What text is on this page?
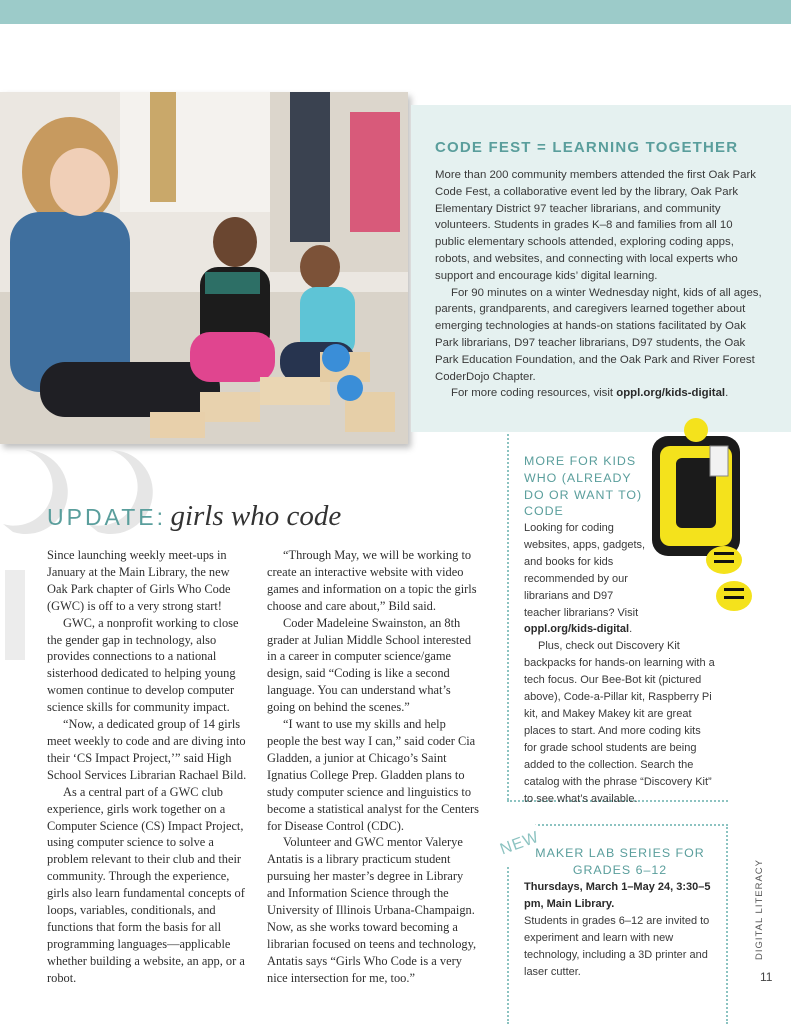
CODE FEST = LEARNING TOGETHER

More than 200 community members attended the first Oak Park Code Fest, a collaborative event led by the library, Oak Park Elementary District 97 teacher librarians, and community volunteers. Students in grades K–8 and families from all 10 public elementary schools attended, exploring coding apps, robots, and websites, and connecting with local experts who support and encourage kids’ digital learning.

For 90 minutes on a winter Wednesday night, kids of all ages, parents, grandparents, and caregivers learned together about emerging technologies at hands-on stations facilitated by Oak Park librarians, D97 teacher librarians, D97 students, the Oak Park Education Foundation, and the Oak Park and River Forest CoderDojo Chapter.

For more coding resources, visit oppl.org/kids-digital.

UPDATE: girls who code

Since launching weekly meet-ups in January at the Main Library, the new Oak Park chapter of Girls Who Code (GWC) is off to a very strong start!

GWC, a nonprofit working to close the gender gap in technology, also provides connections to a national sisterhood dedicated to helping young women continue to develop computer science skills for community impact.

“Now, a dedicated group of 14 girls meet weekly to code and are diving into their ‘CS Impact Project,’” said High School Services Librarian Rachael Bild.

As a central part of a GWC club experience, girls work together on a Computer Science (CS) Impact Project, using computer science to solve a problem relevant to their club and their community. Through the experience, girls also learn fundamental concepts of loops, variables, conditionals, and functions that form the basis for all programming languages—applicable whether building a website, an app, or a robot.

“Through May, we will be working to create an interactive website with video games and information on a topic the girls choose and care about,” Bild said.

Coder Madeleine Swainston, an 8th grader at Julian Middle School interested in a career in computer science/game design, said “Coding is like a second language. You can understand what’s going on behind the scenes.”

“I want to use my skills and help people the best way I can,” said coder Cia Gladden, a junior at Chicago’s Saint Ignatius College Prep. Gladden plans to study computer science and linguistics to become a statistical analyst for the Centers for Disease Control (CDC).

Volunteer and GWC mentor Valerye Antatis is a library practicum student pursuing her master’s degree in Library and Information Science through the University of Illinois Urbana-Champaign. Now, as she works toward becoming a librarian focused on teens and technology, Antatis says “Girls Who Code is a very nice intersection for me, too.”

MORE FOR KIDS WHO (ALREADY DO OR WANT TO) CODE

Looking for coding websites, apps, gadgets, and books for kids recommended by our librarians and D97 teacher librarians? Visit oppl.org/kids-digital.

Plus, check out Discovery Kit backpacks for hands-on learning with a tech focus. Our Bee-Bot kit (pictured above), Code-a-Pillar kit, Raspberry Pi kit, and Makey Makey kit are great places to start. And more coding kits for grade school students are being added to the collection. Search the catalog with the phrase “Discovery Kit” to see what’s available.

NEW
MAKER LAB SERIES FOR GRADES 6–12
Thursdays, March 1–May 24, 3:30–5 pm, Main Library.
Students in grades 6–12 are invited to experiment and learn with new technology, including a 3D printer and laser cutter.
DIGITAL LITERACY
11
